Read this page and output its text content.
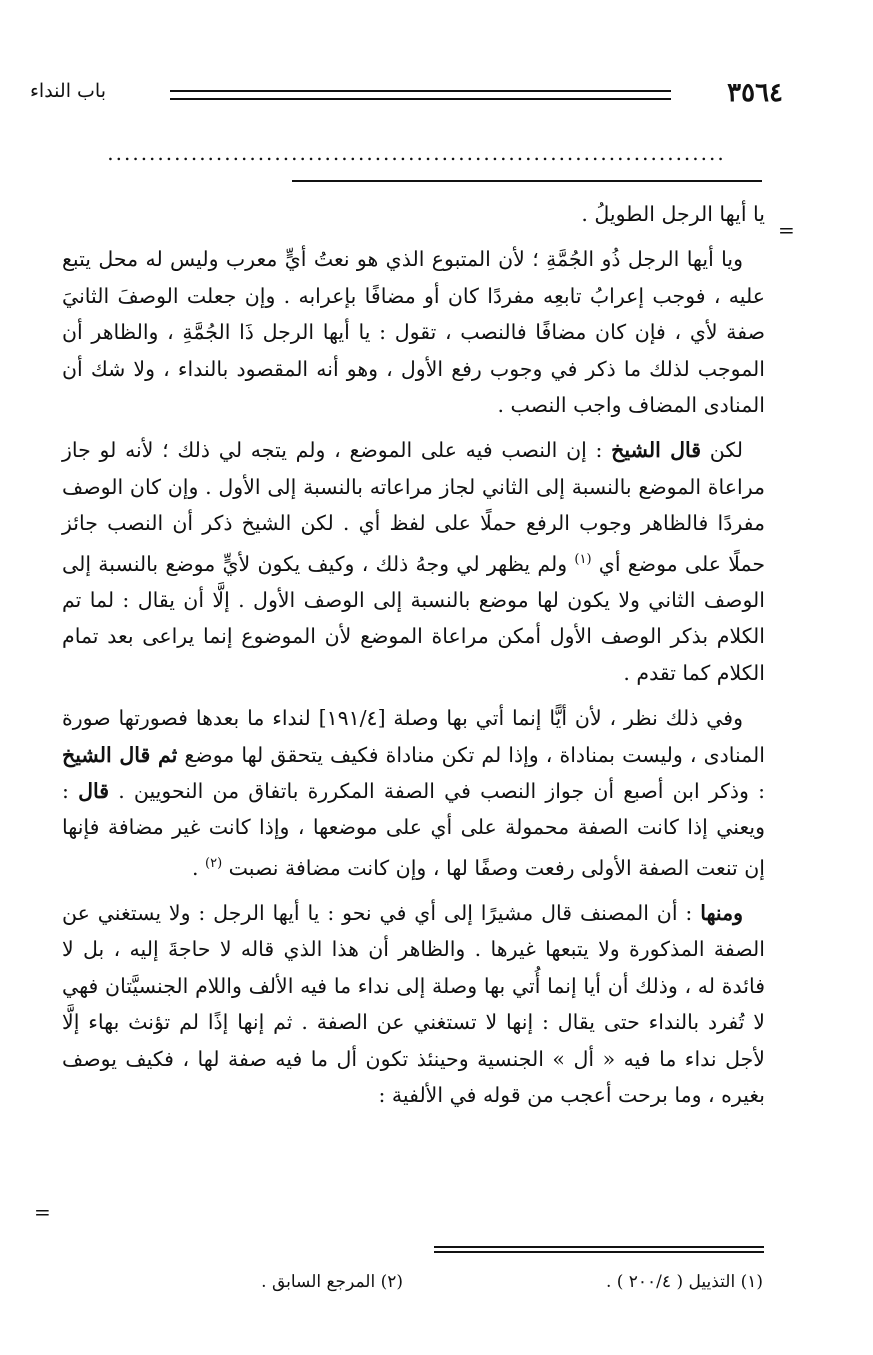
٣٥٦٤
باب النداء
..........................................................................
=

يا أيها الرجل الطويلُ .

ويا أيها الرجل ذُو الجُمَّةِ ؛ لأن المتبوع الذي هو نعتُ أيٍّ معرب وليس له محل يتبع عليه ، فوجب إعرابُ تابعِه مفردًا كان أو مضافًا بإعرابه . وإن جعلت الوصفَ الثانيَ صفة لأي ، فإن كان مضافًا فالنصب ، تقول : يا أيها الرجل ذَا الجُمَّةِ ، والظاهر أن الموجب لذلك ما ذكر في وجوب رفع الأول ، وهو أنه المقصود بالنداء ، ولا شك أن المنادى المضاف واجب النصب .

لكن قال الشيخ : إن النصب فيه على الموضع ، ولم يتجه لي ذلك ؛ لأنه لو جاز مراعاة الموضع بالنسبة إلى الثاني لجاز مراعاته بالنسبة إلى الأول . وإن كان الوصف مفردًا فالظاهر وجوب الرفع حملًا على لفظ أي . لكن الشيخ ذكر أن النصب جائز حملًا على موضع أي $^{(١)}$ ولم يظهر لي وجهُ ذلك ، وكيف يكون لأيٍّ موضع بالنسبة إلى الوصف الثاني ولا يكون لها موضع بالنسبة إلى الوصف الأول . إلَّا أن يقال : لما تم الكلام بذكر الوصف الأول أمكن مراعاة الموضع لأن الموضوع إنما يراعى بعد تمام الكلام كما تقدم .

وفي ذلك نظر ، لأن أيًّا إنما أتي بها وصلة [١٩١/٤] لنداء ما بعدها فصورتها صورة المنادى ، وليست بمناداة ، وإذا لم تكن مناداة فكيف يتحقق لها موضع ثم قال الشيخ : وذكر ابن أصبع أن جواز النصب في الصفة المكررة باتفاق من النحويين . قال : ويعني إذا كانت الصفة محمولة على أي على موضعها ، وإذا كانت غير مضافة فإنها إن تنعت الصفة الأولى رفعت وصفًا لها ، وإن كانت مضافة نصبت $^{(٢)}$ .

ومنها : أن المصنف قال مشيرًا إلى أي في نحو : يا أيها الرجل : ولا يستغني عن الصفة المذكورة ولا يتبعها غيرها . والظاهر أن هذا الذي قاله لا حاجةَ إليه ، بل لا فائدة له ، وذلك أن أيا إنما أُتي بها وصلة إلى نداء ما فيه الألف واللام الجنسيَّتان فهي لا تُفرد بالنداء حتى يقال : إنها لا تستغني عن الصفة . ثم إنها إذًا لم تؤنث بهاء إلَّا لأجل نداء ما فيه « أل » الجنسية وحينئذ تكون أل ما فيه صفة لها ، فكيف يوصف بغيره ، وما برحت أعجب من قوله في الألفية :

=
(١) التذييل ( ٢٠٠/٤ ) .
(٢) المرجع السابق .
